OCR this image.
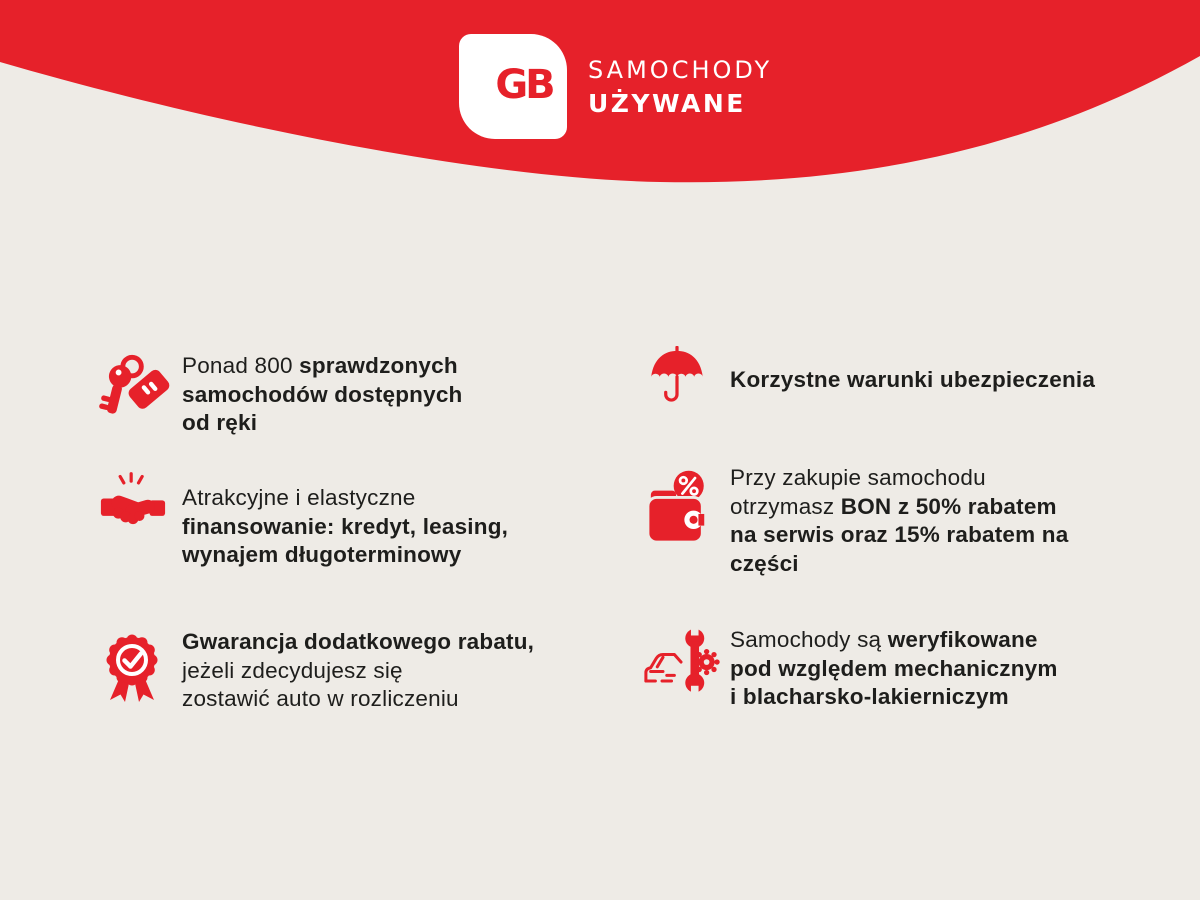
GB	SAMOCHODY
UŻYWANE
Ponad 800 sprawdzonych
samochodów dostępnych
od ręki
Atrakcyjne i elastyczne
finansowanie: kredyt, leasing,
wynajem długoterminowy
Gwarancja dodatkowego rabatu,
jeżeli zdecydujesz się
zostawić auto w rozliczeniu
Korzystne warunki ubezpieczenia
Przy zakupie samochodu
otrzymasz BON z 50% rabatem
na serwis oraz 15% rabatem na
części
Samochody są weryfikowane
pod względem mechanicznym
i blacharsko-lakierniczym
